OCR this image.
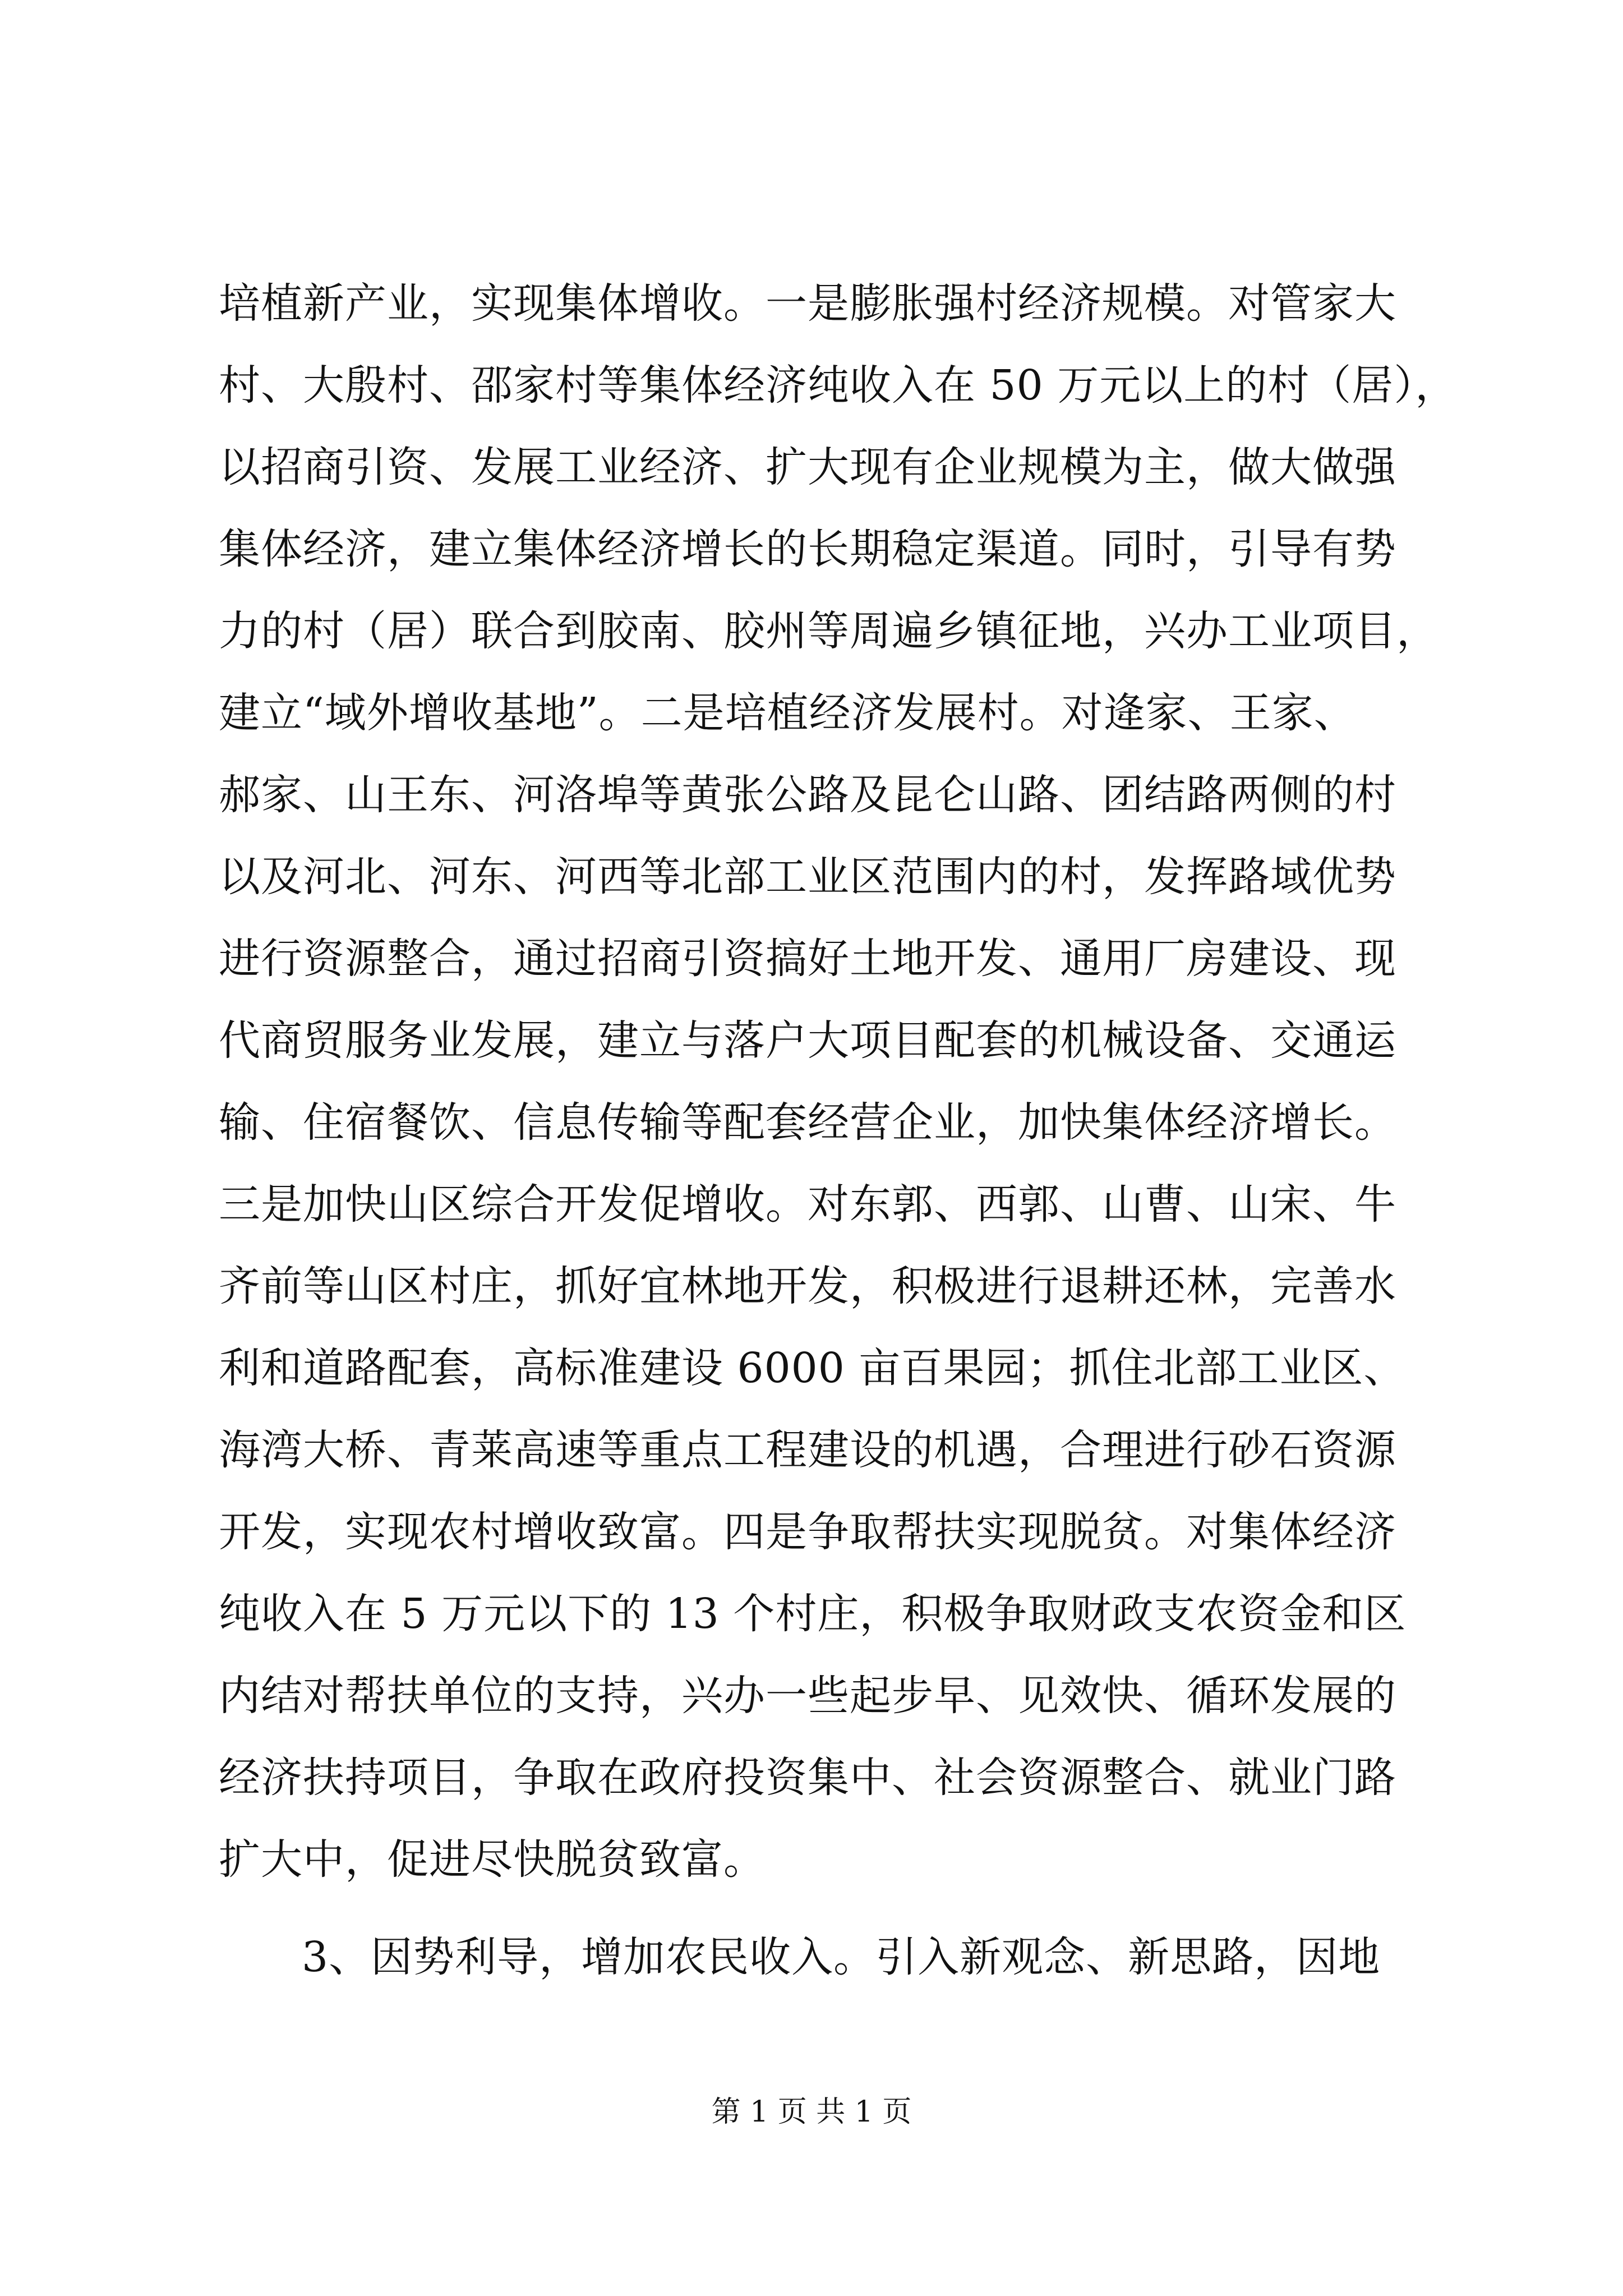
培植新产业，实现集体增收。一是膨胀强村经济规模。对管家大
村、大殷村、邵家村等集体经济纯收入在 50 万元以上的村（居），
以招商引资、发展工业经济、扩大现有企业规模为主，做大做强
集体经济，建立集体经济增长的长期稳定渠道。同时，引导有势
力的村（居）联合到胶南、胶州等周遍乡镇征地，兴办工业项目，
建立“域外增收基地”。二是培植经济发展村。对逄家、王家、
郝家、山王东、河洛埠等黄张公路及昆仑山路、团结路两侧的村
以及河北、河东、河西等北部工业区范围内的村，发挥路域优势
进行资源整合，通过招商引资搞好土地开发、通用厂房建设、现
代商贸服务业发展，建立与落户大项目配套的机械设备、交通运
输、住宿餐饮、信息传输等配套经营企业，加快集体经济增长。
三是加快山区综合开发促增收。对东郭、西郭、山曹、山宋、牛
齐前等山区村庄，抓好宜林地开发，积极进行退耕还林，完善水
利和道路配套，高标准建设 6000 亩百果园；抓住北部工业区、
海湾大桥、青莱高速等重点工程建设的机遇，合理进行砂石资源
开发，实现农村增收致富。四是争取帮扶实现脱贫。对集体经济
纯收入在 5 万元以下的 13 个村庄，积极争取财政支农资金和区
内结对帮扶单位的支持，兴办一些起步早、见效快、循环发展的
经济扶持项目，争取在政府投资集中、社会资源整合、就业门路
扩大中，促进尽快脱贫致富。
3、因势利导，增加农民收入。引入新观念、新思路，因地
第 1 页 共 1 页
